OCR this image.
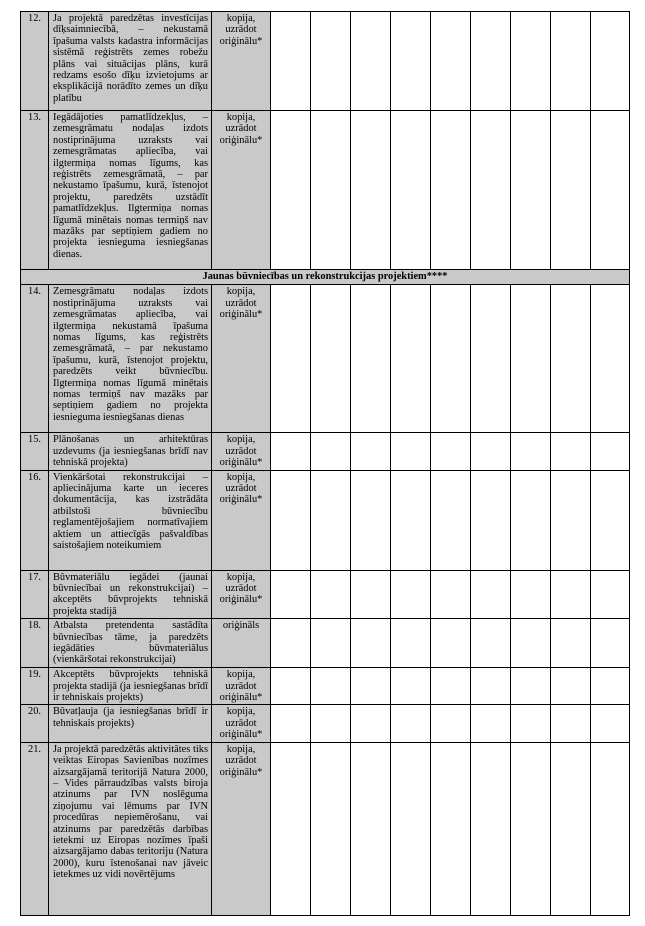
12.	Ja projektā paredzētas investīcijas dīķsaimniecībā, – nekustamā īpašuma valsts kadastra informācijas sistēmā reģistrēts zemes robežu plāns vai situācijas plāns, kurā redzams esošo dīķu izvietojums ar eksplikācijā norādīto zemes un dīķu platību	kopija, uzrādot oriģinālu*									
13.	Iegādājoties pamatlīdzekļus, – zemesgrāmatu nodaļas izdots nostiprinājuma uzraksts vai zemesgrāmatas apliecība, vai ilgtermiņa nomas līgums, kas reģistrēts zemesgrāmatā, – par nekustamo īpašumu, kurā, īstenojot projektu, paredzēts uzstādīt pamatlīdzekļus. Ilgtermiņa nomas līgumā minētais nomas termiņš nav mazāks par septiņiem gadiem no projekta iesnieguma iesniegšanas dienas.	kopija, uzrādot oriģinālu*									
Jaunas būvniecības un rekonstrukcijas projektiem****											
14.	Zemesgrāmatu nodaļas izdots nostiprinājuma uzraksts vai zemesgrāmatas apliecība, vai ilgtermiņa nekustamā īpašuma nomas līgums, kas reģistrēts zemesgrāmatā, – par nekustamo īpašumu, kurā, īstenojot projektu, paredzēts veikt būvniecību. Ilgtermiņa nomas līgumā minētais nomas termiņš nav mazāks par septiņiem gadiem no projekta iesnieguma iesniegšanas dienas	kopija, uzrādot oriģinālu*									
15.	Plānošanas un arhitektūras uzdevums (ja iesniegšanas brīdī nav tehniskā projekta)	kopija, uzrādot oriģinālu*									
16.	Vienkāršotai rekonstrukcijai – apliecinājuma karte un ieceres dokumentācija, kas izstrādāta atbilstoši būvniecību reglamentējošajiem normatīvajiem aktiem un attiecīgās pašvaldības saistošajiem noteikumiem	kopija, uzrādot oriģinālu*									
17.	Būvmateriālu iegādei (jaunai būvniecībai un rekonstrukcijai) – akceptēts būvprojekts tehniskā projekta stadijā	kopija, uzrādot oriģinālu*									
18.	Atbalsta pretendenta sastādīta būvniecības tāme, ja paredzēts iegādāties būvmateriālus (vienkāršotai rekonstrukcijai)	oriģināls									
19.	Akceptēts būvprojekts tehniskā projekta stadijā (ja iesniegšanas brīdī ir tehniskais projekts)	kopija, uzrādot oriģinālu*									
20.	Būvatļauja (ja iesniegšanas brīdī ir tehniskais projekts)	kopija, uzrādot oriģinālu*									
21.	Ja projektā paredzētās aktivitātes tiks veiktas Eiropas Savienības nozīmes aizsargājamā teritorijā Natura 2000, – Vides pārraudzības valsts biroja atzinums par IVN noslēguma ziņojumu vai lēmums par IVN procedūras nepiemērošanu, vai atzinums par paredzētās darbības ietekmi uz Eiropas nozīmes īpaši aizsargājamo dabas teritoriju (Natura 2000), kuru īstenošanai nav jāveic ietekmes uz vidi novērtējums	kopija, uzrādot oriģinālu*									
